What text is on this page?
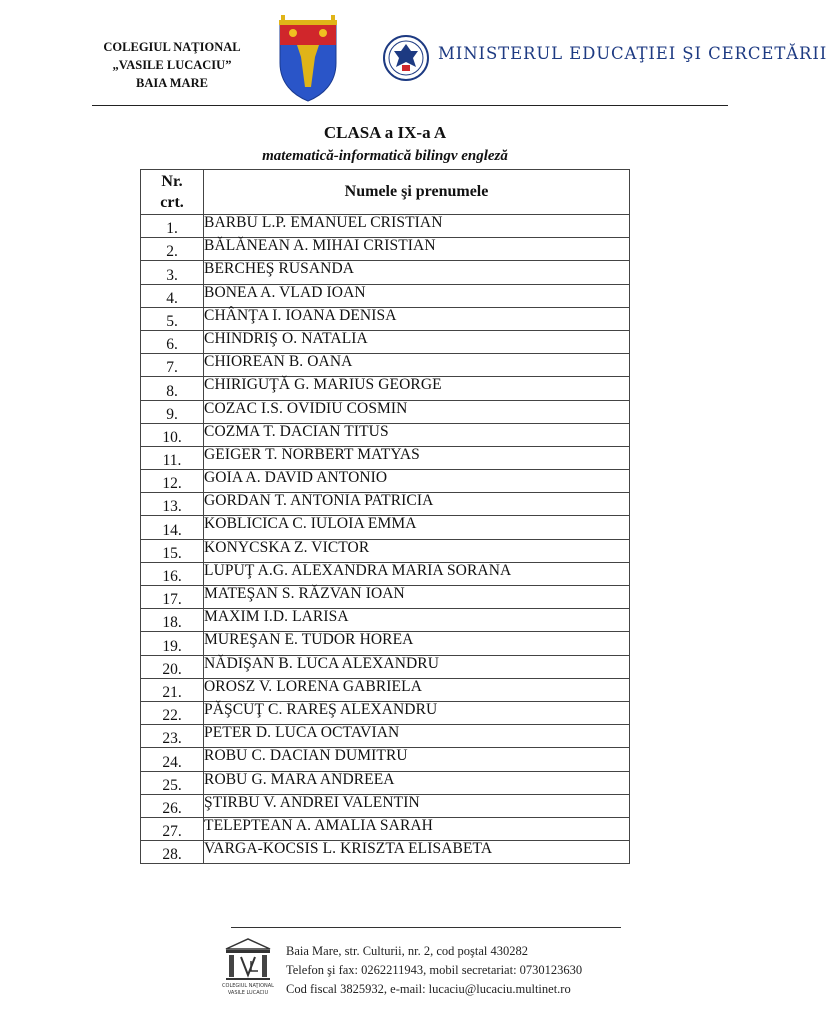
COLEGIUL NAŢIONAL
„VASILE LUCACIU”
BAIA MARE
MINISTERUL EDUCAŢIEI ŞI CERCETĂRII
CLASA a IX-a A
matematică-informatică bilingv engleză
Nr.
crt.	Numele şi prenumele
1.	BARBU L.P. EMANUEL CRISTIAN
2.	BĂLĂNEAN A. MIHAI CRISTIAN
3.	BERCHEŞ RUSANDA
4.	BONEA A. VLAD IOAN
5.	CHÂNŢA I. IOANA DENISA
6.	CHINDRIŞ O. NATALIA
7.	CHIOREAN B. OANA
8.	CHIRIGUŢĂ G. MARIUS GEORGE
9.	COZAC I.S. OVIDIU COSMIN
10.	COZMA T. DACIAN TITUS
11.	GEIGER T. NORBERT MATYAS
12.	GOIA A. DAVID ANTONIO
13.	GORDAN T. ANTONIA PATRICIA
14.	KOBLICICA C. IULOIA EMMA
15.	KONYCSKA Z. VICTOR
16.	LUPUŢ A.G. ALEXANDRA MARIA SORANA
17.	MATEŞAN S. RĂZVAN IOAN
18.	MAXIM I.D. LARISA
19.	MUREŞAN E. TUDOR HOREA
20.	NĂDIŞAN B. LUCA ALEXANDRU
21.	OROSZ V. LORENA GABRIELA
22.	PĂŞCUŢ C. RAREŞ ALEXANDRU
23.	PETER D. LUCA OCTAVIAN
24.	ROBU C. DACIAN DUMITRU
25.	ROBU G. MARA ANDREEA
26.	ŞTIRBU V. ANDREI VALENTIN
27.	TELEPTEAN A. AMALIA SARAH
28.	VARGA-KOCSIS L. KRISZTA ELISABETA
COLEGIUL NAŢIONAL
VASILE LUCACIU
Baia Mare, str. Culturii, nr. 2, cod poştal 430282
Telefon şi fax: 0262211943, mobil secretariat: 0730123630
Cod fiscal 3825932, e-mail: lucaciu@lucaciu.multinet.ro
